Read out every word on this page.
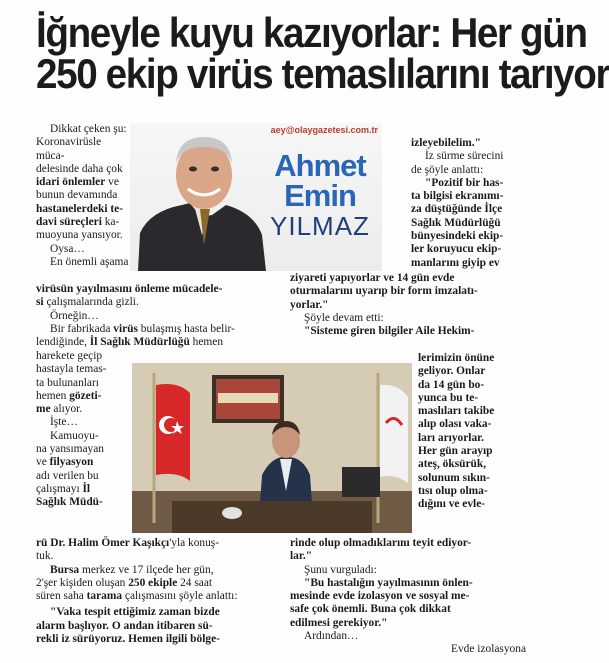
İğneyle kuyu kazıyorlar: Her gün
250 ekip virüs temaslılarını tarıyor
aey@olaygazetesi.com.tr
Ahmet
Emin
YILMAZ

Dikkat çeken şu:

Koronavirüsle müca-

delesinde daha çok

idari önlemler ve

bunun devamında

hastanelerdeki te-

davi süreçleri ka-

muoyuna yansıyor.

Oysa…

En önemli aşama

virüsün yayılmasını önleme mücadele-

si çalışmalarında gizli.

Örneğin…

Bir fabrikada virüs bulaşmış hasta belir-

lendiğinde, İl Sağlık Müdürlüğü hemen

harekete geçip

hastayla temas-

ta bulunanları

hemen gözeti-

me alıyor.

İşte…

Kamuoyu-

na yansımayan

ve filyasyon

adı verilen bu

çalışmayı İl

Sağlık Müdü-

rü Dr. Halim Ömer Kaşıkçı'yla konuş-

tuk.

Bursa merkez ve 17 ilçede her gün,

2'şer kişiden oluşan 250 ekiple 24 saat

süren saha tarama çalışmasını şöyle anlattı:

"Vaka tespit ettiğimiz zaman bizde

alarm başlıyor. O andan itibaren sü-

rekli iz sürüyoruz. Hemen ilgili bölge-

izleyebilelim."

İz sürme sürecini

de şöyle anlattı:

"Pozitif bir has-

ta bilgisi ekranımı-

za düştüğünde İlçe

Sağlık Müdürlüğü

bünyesindeki ekip-

ler koruyucu ekip-

manlarını giyip ev

ziyareti yapıyorlar ve 14 gün evde

oturmalarını uyarıp bir form imzalatı-

yorlar."

Şöyle devam etti:

"Sisteme giren bilgiler Aile Hekim-

lerimizin önüne

geliyor. Onlar

da 14 gün bo-

yunca bu te-

maslıları takibe

alıp olası vaka-

ları arıyorlar.

Her gün arayıp

ateş, öksürük,

solunum sıkın-

tısı olup olma-

dığını ve evle-

rinde olup olmadıklarını teyit ediyor-

lar."

Şunu vurguladı:

"Bu hastalığın yayılmasının önlen-

mesinde evde izolasyon ve sosyal me-

safe çok önemli. Buna çok dikkat

edilmesi gerekiyor."

Ardından…

Evde izolasyona
